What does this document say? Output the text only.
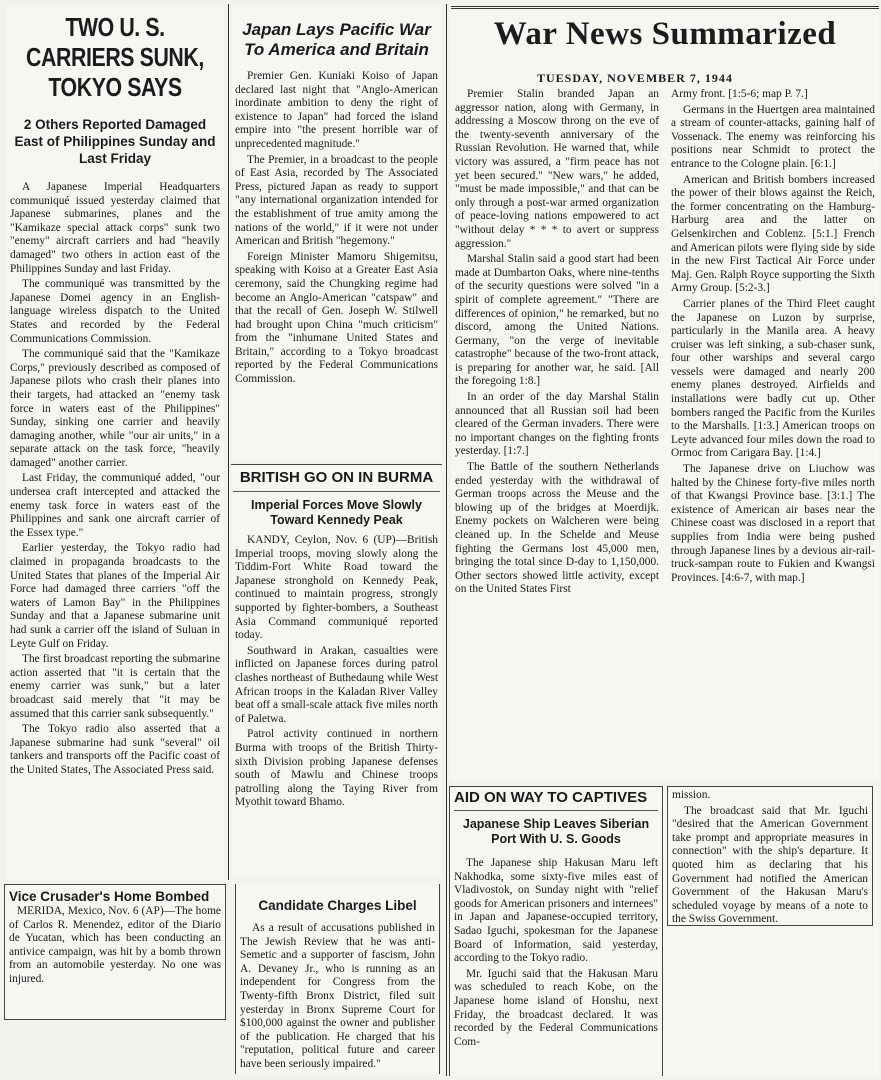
TWO U. S. CARRIERS SUNK, TOKYO SAYS
2 Others Reported Damaged East of Philippines Sunday and Last Friday

A Japanese Imperial Headquarters communiqué issued yesterday claimed that Japanese submarines, planes and the "Kamikaze special attack corps" sunk two "enemy" aircraft carriers and had "heavily damaged" two others in action east of the Philippines Sunday and last Friday.

The communiqué was transmitted by the Japanese Domei agency in an English-language wireless dispatch to the United States and recorded by the Federal Communications Commission.

The communiqué said that the "Kamikaze Corps," previously described as composed of Japanese pilots who crash their planes into their targets, had attacked an "enemy task force in waters east of the Philippines" Sunday, sinking one carrier and heavily damaging another, while "our air units," in a separate attack on the task force, "heavily damaged" another carrier.

Last Friday, the communiqué added, "our undersea craft intercepted and attacked the enemy task force in waters east of the Philippines and sank one aircraft carrier of the Essex type."

Earlier yesterday, the Tokyo radio had claimed in propaganda broadcasts to the United States that planes of the Imperial Air Force had damaged three carriers "off the waters of Lamon Bay" in the Philippines Sunday and that a Japanese submarine unit had sunk a carrier off the island of Suluan in Leyte Gulf on Friday.

The first broadcast reporting the submarine action asserted that "it is certain that the enemy carrier was sunk," but a later broadcast said merely that "it may be assumed that this carrier sank subsequently."

The Tokyo radio also asserted that a Japanese submarine had sunk "several" oil tankers and transports off the Pacific coast of the United States, The Associated Press said.

Vice Crusader's Home Bombed

MERIDA, Mexico, Nov. 6 (AP)—The home of Carlos R. Menendez, editor of the Diario de Yucatan, which has been conducting an antivice campaign, was hit by a bomb thrown from an automobile yesterday. No one was injured.

Japan Lays Pacific War To America and Britain

Premier Gen. Kuniaki Koiso of Japan declared last night that "Anglo-American inordinate ambition to deny the right of existence to Japan" had forced the island empire into "the present horrible war of unprecedented magnitude."

The Premier, in a broadcast to the people of East Asia, recorded by The Associated Press, pictured Japan as ready to support "any international organization intended for the establishment of true amity among the nations of the world," if it were not under American and British "hegemony."

Foreign Minister Mamoru Shigemitsu, speaking with Koiso at a Greater East Asia ceremony, said the Chungking regime had become an Anglo-American "catspaw" and that the recall of Gen. Joseph W. Stilwell had brought upon China "much criticism" from the "inhumane United States and Britain," according to a Tokyo broadcast reported by the Federal Communications Commission.

BRITISH GO ON IN BURMA
Imperial Forces Move Slowly Toward Kennedy Peak

KANDY, Ceylon, Nov. 6 (UP)—British Imperial troops, moving slowly along the Tiddim-Fort White Road toward the Japanese stronghold on Kennedy Peak, continued to maintain progress, strongly supported by fighter-bombers, a Southeast Asia Command communiqué reported today.

Southward in Arakan, casualties were inflicted on Japanese forces during patrol clashes northeast of Buthedaung while West African troops in the Kaladan River Valley beat off a small-scale attack five miles north of Paletwa.

Patrol activity continued in northern Burma with troops of the British Thirty-sixth Division probing Japanese defenses south of Mawlu and Chinese troops patrolling along the Taying River from Myothit toward Bhamo.

Candidate Charges Libel

As a result of accusations published in The Jewish Review that he was anti-Semetic and a supporter of fascism, John A. Devaney Jr., who is running as an independent for Congress from the Twenty-fifth Bronx District, filed suit yesterday in Bronx Supreme Court for $100,000 against the owner and publisher of the publication. He charged that his "reputation, political future and career have been seriously impaired."

War News Summarized
TUESDAY, NOVEMBER 7, 1944

Premier Stalin branded Japan an aggressor nation, along with Germany, in addressing a Moscow throng on the eve of the twenty-seventh anniversary of the Russian Revolution. He warned that, while victory was assured, a "firm peace has not yet been secured." "New wars," he added, "must be made impossible," and that can be only through a post-war armed organization of peace-loving nations empowered to act "without delay * * * to avert or suppress aggression."

Marshal Stalin said a good start had been made at Dumbarton Oaks, where nine-tenths of the security questions were solved "in a spirit of complete agreement." "There are differences of opinion," he remarked, but no discord, among the United Nations. Germany, "on the verge of inevitable catastrophe" because of the two-front attack, is preparing for another war, he said. [All the foregoing 1:8.]

In an order of the day Marshal Stalin announced that all Russian soil had been cleared of the German invaders. There were no important changes on the fighting fronts yesterday. [1:7.]

The Battle of the southern Netherlands ended yesterday with the withdrawal of German troops across the Meuse and the blowing up of the bridges at Moerdijk. Enemy pockets on Walcheren were being cleaned up. In the Schelde and Meuse fighting the Germans lost 45,000 men, bringing the total since D-day to 1,150,000. Other sectors showed little activity, except on the United States First

Army front. [1:5-6; map P. 7.]

Germans in the Huertgen area maintained a stream of counter-attacks, gaining half of Vossenack. The enemy was reinforcing his positions near Schmidt to protect the entrance to the Cologne plain. [6:1.]

American and British bombers increased the power of their blows against the Reich, the former concentrating on the Hamburg-Harburg area and the latter on Gelsenkirchen and Coblenz. [5:1.] French and American pilots were flying side by side in the new First Tactical Air Force under Maj. Gen. Ralph Royce supporting the Sixth Army Group. [5:2-3.]

Carrier planes of the Third Fleet caught the Japanese on Luzon by surprise, particularly in the Manila area. A heavy cruiser was left sinking, a sub-chaser sunk, four other warships and several cargo vessels were damaged and nearly 200 enemy planes destroyed. Airfields and installations were badly cut up. Other bombers ranged the Pacific from the Kuriles to the Marshalls. [1:3.] American troops on Leyte advanced four miles down the road to Ormoc from Carigara Bay. [1:4.]

The Japanese drive on Liuchow was halted by the Chinese forty-five miles north of that Kwangsi Province base. [3:1.] The existence of American air bases near the Chinese coast was disclosed in a report that supplies from India were being pushed through Japanese lines by a devious air-rail-truck-sampan route to Fukien and Kwangsi Provinces. [4:6-7, with map.]

AID ON WAY TO CAPTIVES
Japanese Ship Leaves Siberian Port With U. S. Goods

The Japanese ship Hakusan Maru left Nakhodka, some sixty-five miles east of Vladivostok, on Sunday night with "relief goods for American prisoners and internees" in Japan and Japanese-occupied territory, Sadao Iguchi, spokesman for the Japanese Board of Information, said yesterday, according to the Tokyo radio.

Mr. Iguchi said that the Hakusan Maru was scheduled to reach Kobe, on the Japanese home island of Honshu, next Friday, the broadcast declared. It was recorded by the Federal Communications Com-

mission.

The broadcast said that Mr. Iguchi "desired that the American Government take prompt and appropriate measures in connection" with the ship's departure. It quoted him as declaring that his Government had notified the American Government of the Hakusan Maru's scheduled voyage by means of a note to the Swiss Government.
